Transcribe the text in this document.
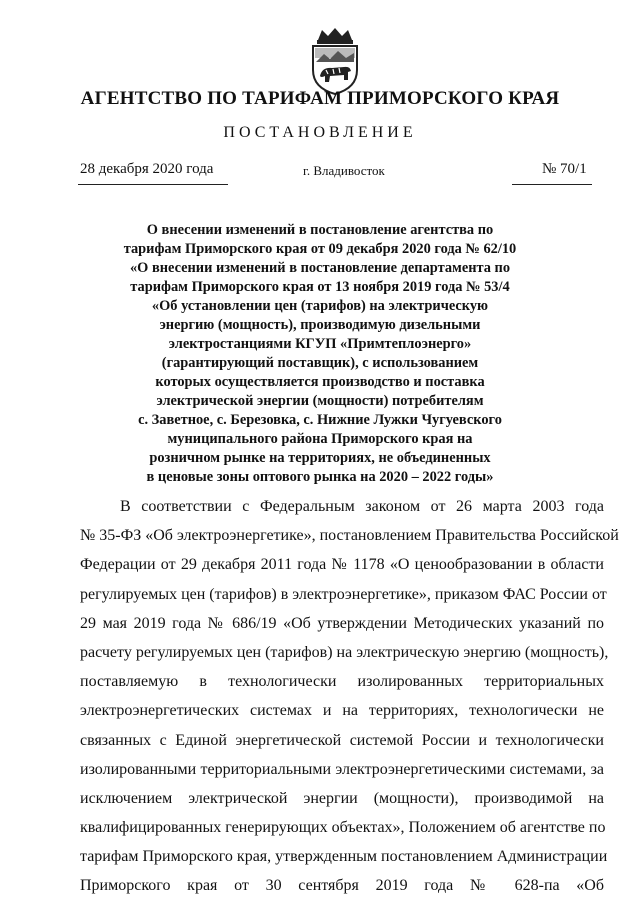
АГЕНТСТВО ПО ТАРИФАМ ПРИМОРСКОГО КРАЯ
ПОСТАНОВЛЕНИЕ
28 декабря 2020 года	г. Владивосток	№ 70/1
О внесении изменений в постановление агентства по
тарифам Приморского края от 09 декабря 2020 года № 62/10
«О внесении изменений в постановление департамента по
тарифам Приморского края от 13 ноября 2019 года № 53/4
«Об установлении цен (тарифов) на электрическую
энергию (мощность), производимую дизельными
электростанциями КГУП «Примтеплоэнерго»
(гарантирующий поставщик), с использованием
которых осуществляется производство и поставка
электрической энергии (мощности) потребителям
с. Заветное, с. Березовка, с. Нижние Лужки Чугуевского
муниципального района Приморского края на
розничном рынке на территориях, не объединенных
в ценовые зоны оптового рынка на 2020 – 2022 годы»
В соответствии с Федеральным законом от 26 марта 2003 года
№ 35-ФЗ «Об электроэнергетике», постановлением Правительства Российской
Федерации от 29 декабря 2011 года № 1178 «О ценообразовании в области
регулируемых цен (тарифов) в электроэнергетике», приказом ФАС России от
29 мая 2019 года № 686/19 «Об утверждении Методических указаний по
расчету регулируемых цен (тарифов) на электрическую энергию (мощность),
поставляемую в технологически изолированных территориальных
электроэнергетических системах и на территориях, технологически не
связанных с Единой энергетической системой России и технологически
изолированными территориальными электроэнергетическими системами, за
исключением электрической энергии (мощности), производимой на
квалифицированных генерирующих объектах», Положением об агентстве по
тарифам Приморского края, утвержденным постановлением Администрации
Приморского края от 30 сентября 2019 года № 628-па «Об
